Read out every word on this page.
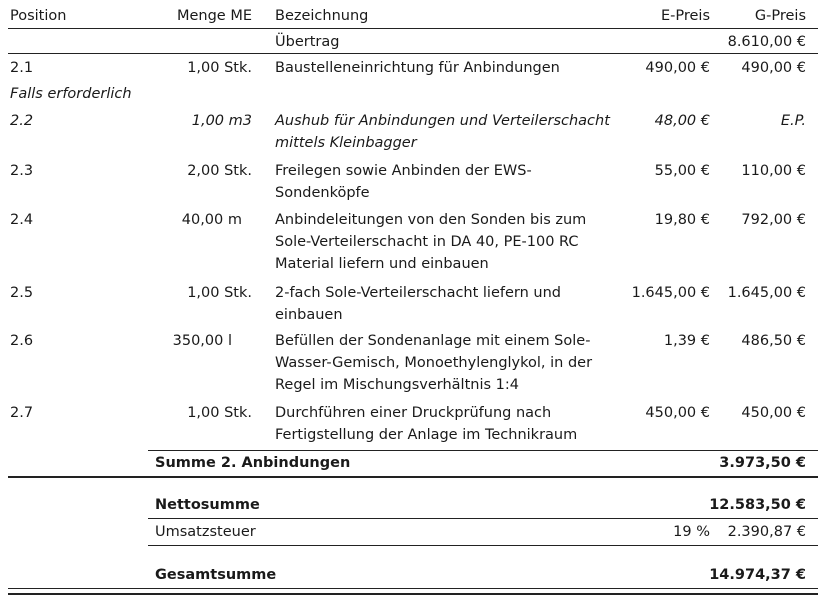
Position	Menge ME Bezeichnung	E-Preis	G-Preis
Übertrag	8.610,00 €
2.1	1,00 Stk. Baustelleneinrichtung für Anbindungen	490,00 € 490,00 €
Falls erforderlich
2.2	1,00 m3 Aushub für Anbindungen und Verteilerschacht
mittels Kleinbagger
48,00 €	E.P.
2.3	2,00 Stk. Freilegen sowie Anbinden der EWS-
Sondenköpfe
55,00 € 110,00 €
2.4	40,00 m Anbindeleitungen von den Sonden bis zum
Sole-Verteilerschacht in DA 40, PE-100 RC
Material liefern und einbauen
19,80 € 792,00 €
2.5	1,00 Stk. 2-fach Sole-Verteilerschacht liefern und
einbauen
1.645,00 € 1.645,00 €
2.6	350,00 l	Befüllen der Sondenanlage mit einem Sole-
Wasser-Gemisch, Monoethylenglykol, in der
Regel im Mischungsverhältnis 1:4
1,39 € 486,50 €
2.7	1,00 Stk. Durchführen einer Druckprüfung nach
Fertigstellung der Anlage im Technikraum
450,00 € 450,00 €
Summe 2. Anbindungen	3.973,50 €
Nettosumme	12.583,50 €
Umsatzsteuer	19 % 2.390,87 €
Gesamtsumme	14.974,37 €
